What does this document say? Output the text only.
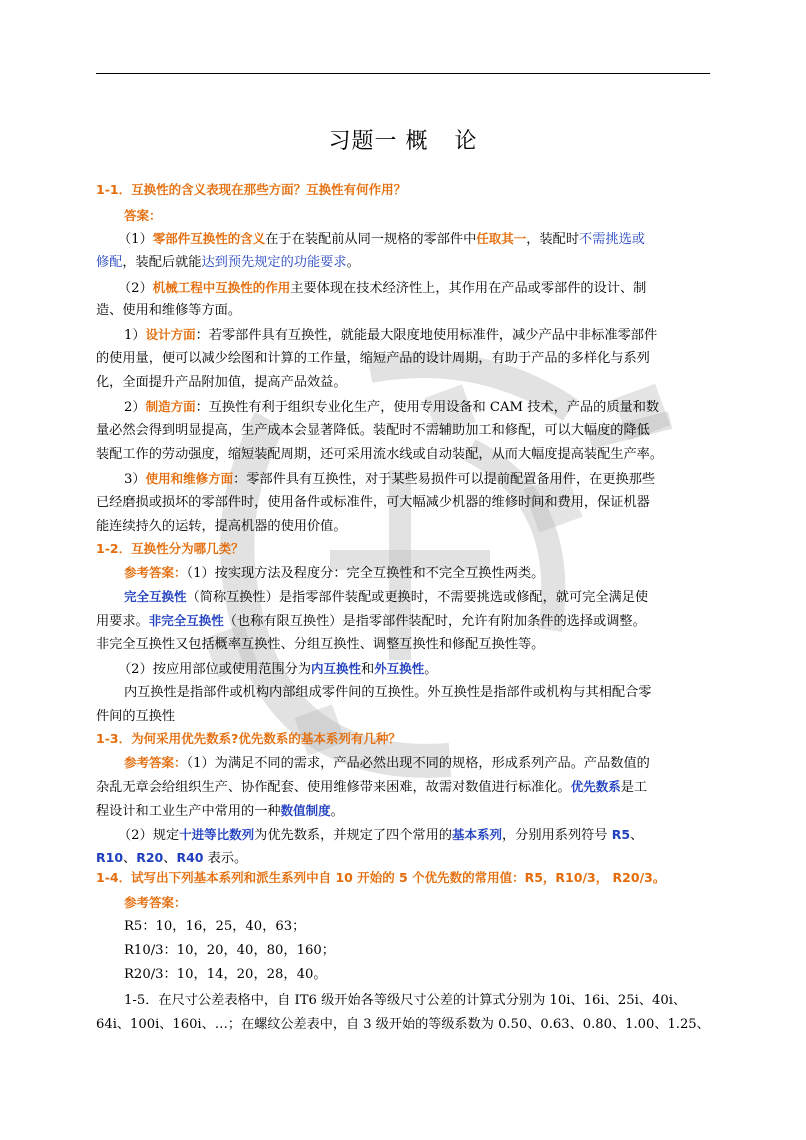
习题一 概 论
1-1．互换性的含义表现在那些方面？互换性有何作用？
答案：
（1）零部件互换性的含义在于在装配前从同一规格的零部件中任取其一，装配时不需挑选或
修配，装配后就能达到预先规定的功能要求。
（2）机械工程中互换性的作用主要体现在技术经济性上，其作用在产品或零部件的设计、制
造、使用和维修等方面。
1）设计方面：若零部件具有互换性，就能最大限度地使用标准件，减少产品中非标准零部件
的使用量，便可以减少绘图和计算的工作量，缩短产品的设计周期，有助于产品的多样化与系列
化，全面提升产品附加值，提高产品效益。
2）制造方面：互换性有利于组织专业化生产，使用专用设备和 CAM 技术，产品的质量和数
量必然会得到明显提高，生产成本会显著降低。装配时不需辅助加工和修配，可以大幅度的降低
装配工作的劳动强度，缩短装配周期，还可采用流水线或自动装配，从而大幅度提高装配生产率。
3）使用和维修方面：零部件具有互换性，对于某些易损件可以提前配置备用件，在更换那些
已经磨损或损坏的零部件时，使用备件或标准件，可大幅减少机器的维修时间和费用，保证机器
能连续持久的运转，提高机器的使用价值。
1-2．互换性分为哪几类？
参考答案：（1）按实现方法及程度分：完全互换性和不完全互换性两类。
完全互换性（简称互换性）是指零部件装配或更换时，不需要挑选或修配，就可完全满足使
用要求。非完全互换性（也称有限互换性）是指零部件装配时，允许有附加条件的选择或调整。
非完全互换性又包括概率互换性、分组互换性、调整互换性和修配互换性等。
（2）按应用部位或使用范围分为内互换性和外互换性。
内互换性是指部件或机构内部组成零件间的互换性。外互换性是指部件或机构与其相配合零
件间的互换性
1-3．为何采用优先数系?优先数系的基本系列有几种？
参考答案：（1）为满足不同的需求，产品必然出现不同的规格，形成系列产品。产品数值的
杂乱无章会给组织生产、协作配套、使用维修带来困难，故需对数值进行标准化。优先数系是工
程设计和工业生产中常用的一种数值制度。
（2）规定十进等比数列为优先数系，并规定了四个常用的基本系列，分别用系列符号 R5、
R10、R20、R40 表示。
1-4．试写出下列基本系列和派生系列中自 10 开始的 5 个优先数的常用值：R5，R10/3， R20/3。
参考答案：
R5：10，16，25，40，63；
R10/3：10，20，40，80，160；
R20/3：10，14，20，28，40。
1-5．在尺寸公差表格中，自 IT6 级开始各等级尺寸公差的计算式分别为 10i、16i、25i、40i、
64i、100i、160i、…；在螺纹公差表中，自 3 级开始的等级系数为 0.50、0.63、0.80、1.00、1.25、
